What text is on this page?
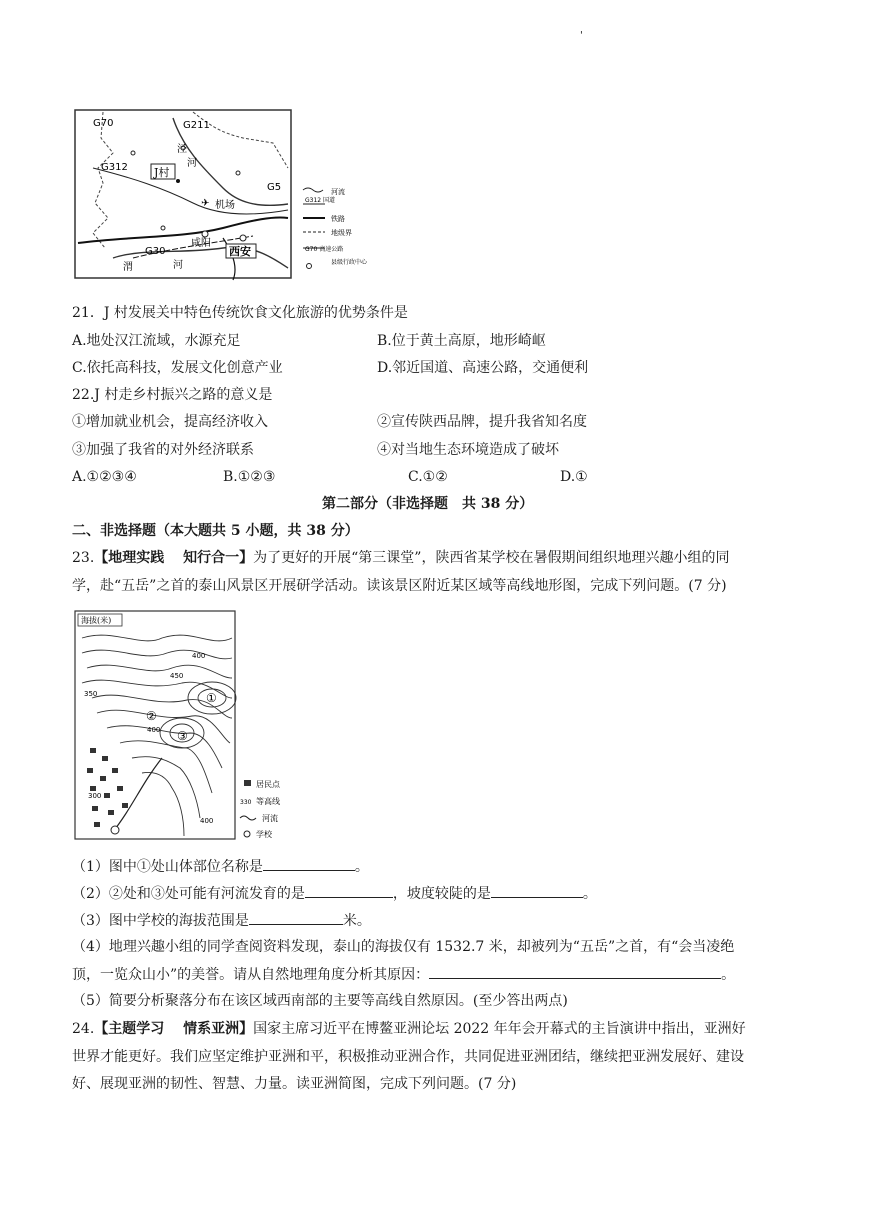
'
G70	G211
泾
河
G312 J村
G5
✈ 机场
G30
咸阳
西安
渭	河
河流
G312 国道
铁路
地级界
G70 高速公路
县级行政中心
21．J 村发展关中特色传统饮食文化旅游的优势条件是
A.地处汉江流域，水源充足	B.位于黄土高原，地形崎岖
C.依托高科技，发展文化创意产业	D.邻近国道、高速公路，交通便利
22.J 村走乡村振兴之路的意义是
①增加就业机会，提高经济收入	②宣传陕西品牌，提升我省知名度
③加强了我省的对外经济联系	④对当地生态环境造成了破坏
A.①②③④	B.①②③	C.①②	D.①
第二部分（非选择题　共 38 分）
二、非选择题（本大题共 5 小题，共 38 分）
23.【地理实践　 知行合一】为了更好的开展“第三课堂”，陕西省某学校在暑假期间组织地理兴趣小组的同
学，赴“五岳”之首的泰山风景区开展研学活动。读该景区附近某区域等高线地形图，完成下列问题。(7 分)
海拔(米)
350
400
450
400
300
400
①
②
③
居民点
330 等高线
河流
学校
（1）图中①处山体部位名称是	。
（2）②处和③处可能有河流发育的是	，坡度较陡的是	。
（3）图中学校的海拔范围是	米。
（4）地理兴趣小组的同学查阅资料发现，泰山的海拔仅有 1532.7 米，却被列为“五岳”之首，有“会当凌绝
顶，一览众山小”的美誉。请从自然地理角度分析其原因：	。
（5）简要分析聚落分布在该区域西南部的主要等高线自然原因。(至少答出两点)
24.【主题学习　 情系亚洲】国家主席习近平在博鳌亚洲论坛 2022 年年会开幕式的主旨演讲中指出，亚洲好
世界才能更好。我们应坚定维护亚洲和平，积极推动亚洲合作，共同促进亚洲团结，继续把亚洲发展好、建设
好、展现亚洲的韧性、智慧、力量。读亚洲简图，完成下列问题。(7 分)
